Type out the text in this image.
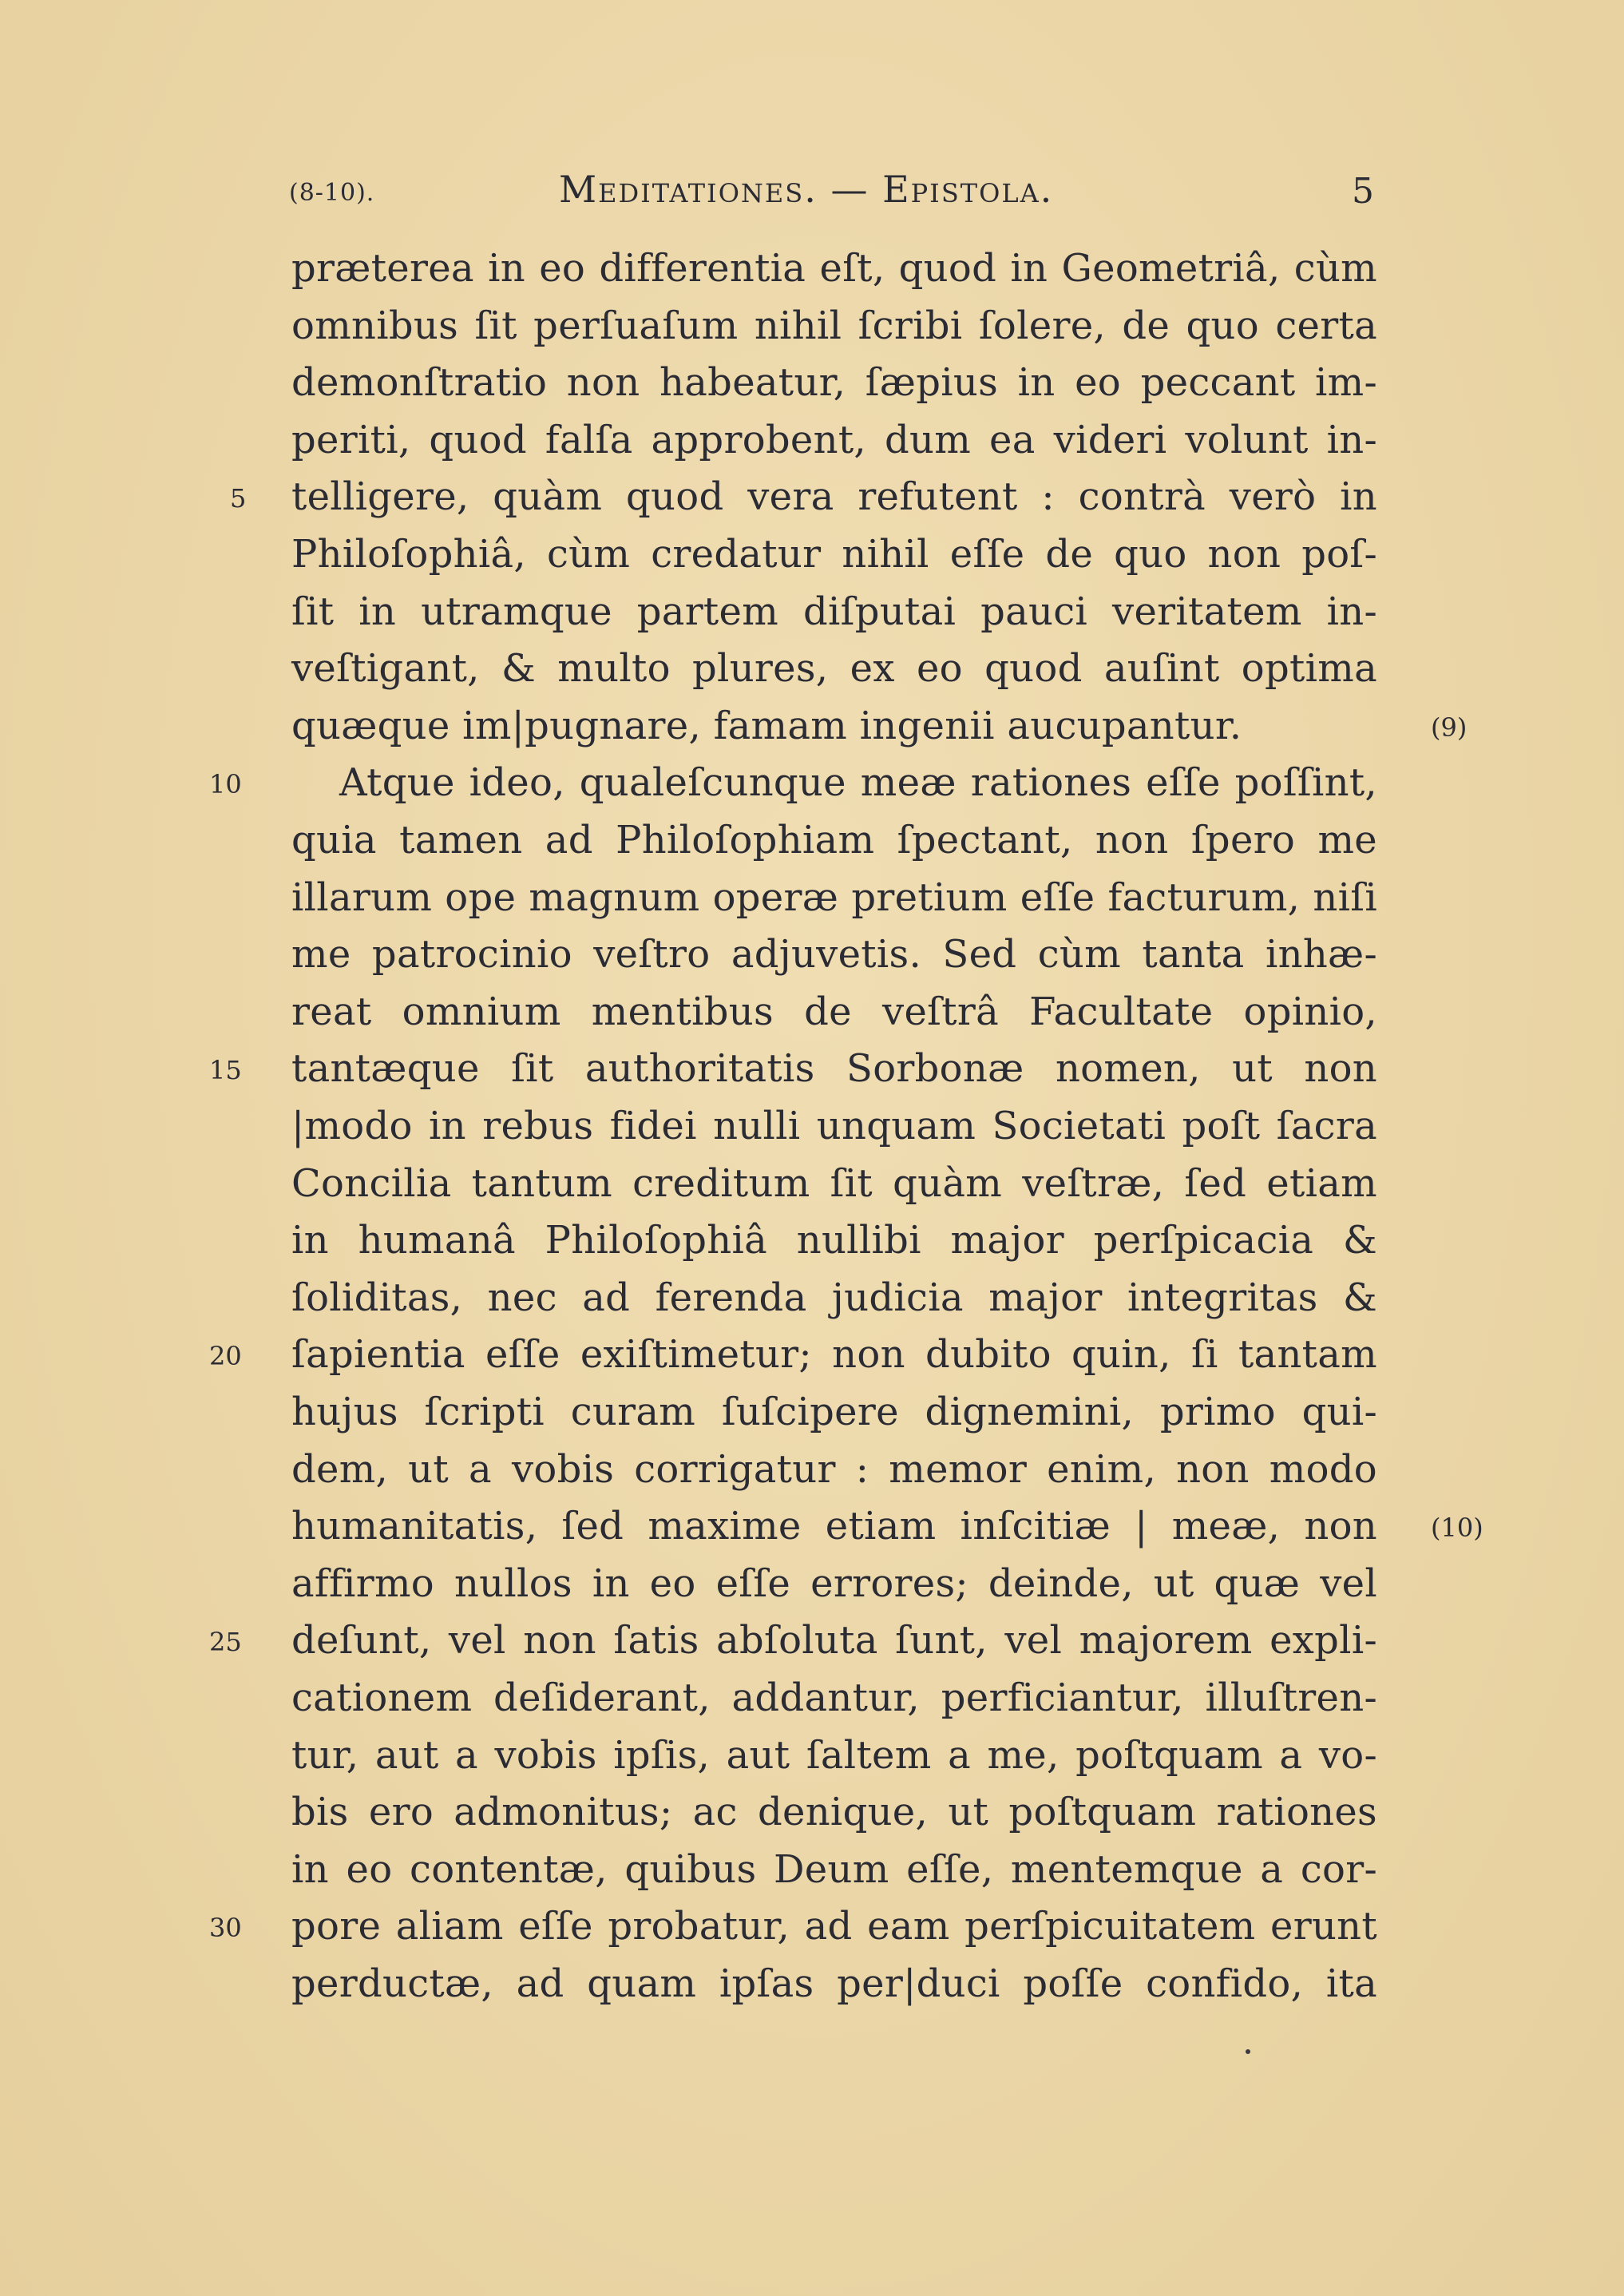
(8-10).	Meditationes. — Epistola.	5
præterea in eo differentia eſt, quod in Geometriâ, cùm
omnibus ſit perſuaſum nihil ſcribi ſolere, de quo certa
demonſtratio non habeatur, ſæpius in eo peccant im-
periti, quod falſa approbent, dum ea videri volunt in-
telligere, quàm quod vera refutent : contrà verò in
Philoſophiâ, cùm credatur nihil eſſe de quo non poſ-
ſit in utramque partem diſputai pauci veritatem in-
veſtigant, & multo plures, ex eo quod auſint optima
quæque im|pugnare, famam ingenii aucupantur.
Atque ideo, qualeſcunque meæ rationes eſſe poſſint,
quia tamen ad Philoſophiam ſpectant, non ſpero me
illarum ope magnum operæ pretium eſſe facturum, niſi
me patrocinio veſtro adjuvetis. Sed cùm tanta inhæ-
reat omnium mentibus de veſtrâ Facultate opinio,
tantæque ſit authoritatis Sorbonæ nomen, ut non
|modo in rebus fidei nulli unquam Societati poſt ſacra
Concilia tantum creditum ſit quàm veſtræ, ſed etiam
in humanâ Philoſophiâ nullibi major perſpicacia &
ſoliditas, nec ad ferenda judicia major integritas &
ſapientia eſſe exiſtimetur; non dubito quin, ſi tantam
hujus ſcripti curam ſuſcipere dignemini, primo qui-
dem, ut a vobis corrigatur : memor enim, non modo
humanitatis, ſed maxime etiam inſcitiæ | meæ, non
affirmo nullos in eo eſſe errores; deinde, ut quæ vel
deſunt, vel non ſatis abſoluta ſunt, vel majorem expli-
cationem deſiderant, addantur, perficiantur, illuſtren-
tur, aut a vobis ipſis, aut ſaltem a me, poſtquam a vo-
bis ero admonitus; ac denique, ut poſtquam rationes
in eo contentæ, quibus Deum eſſe, mentemque a cor-
pore aliam eſſe probatur, ad eam perſpicuitatem erunt
perductæ, ad quam ipſas per|duci poſſe confido, ita
5
10
15
20
25
30
(9)
(10)
